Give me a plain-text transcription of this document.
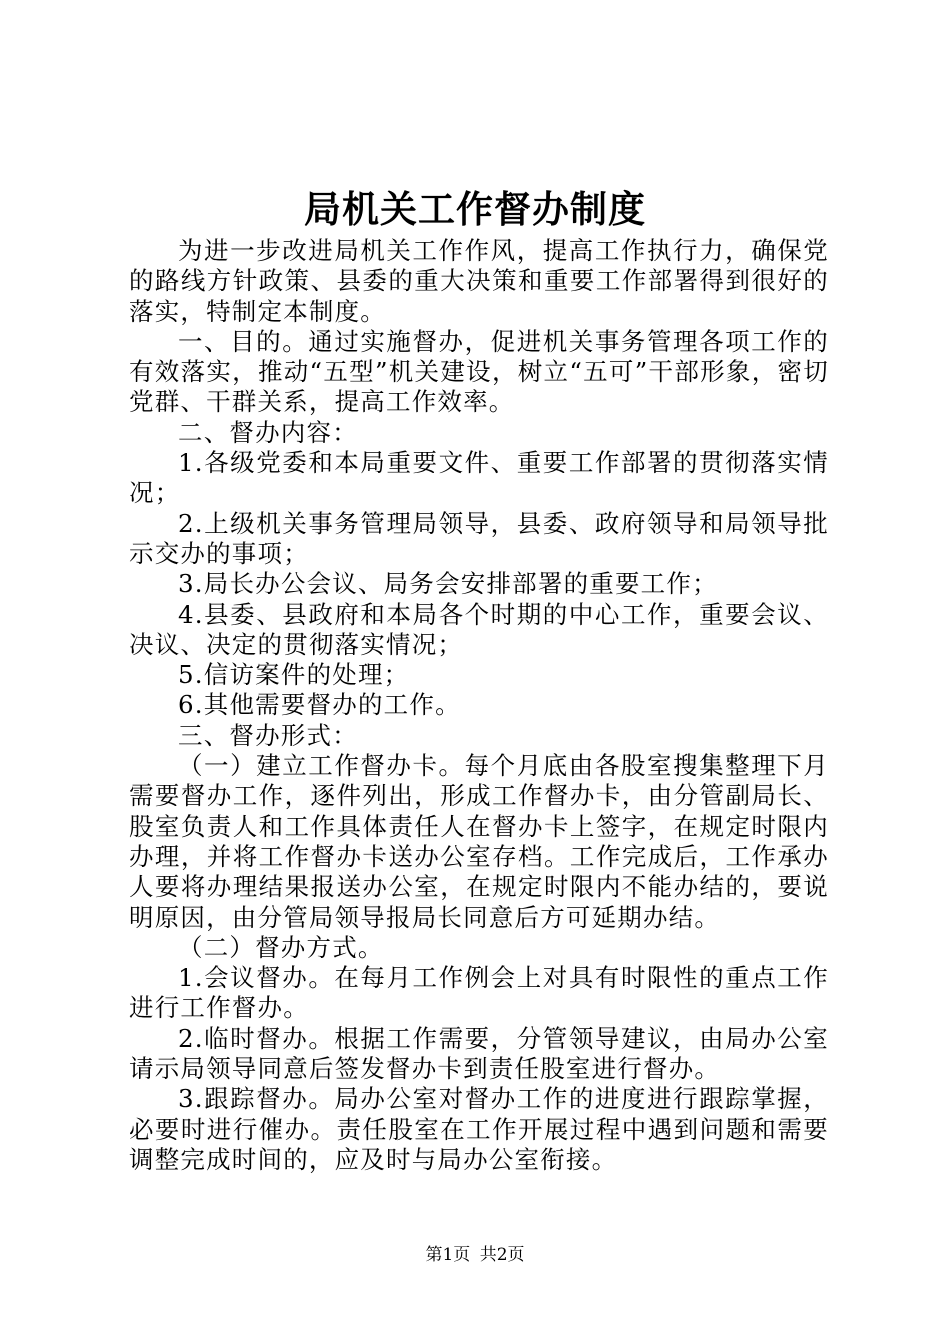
局机关工作督办制度

为进一步改进局机关工作作风，提高工作执行力，确保党的路线方针政策、县委的重大决策和重要工作部署得到很好的落实，特制定本制度。

一、目的。通过实施督办，促进机关事务管理各项工作的有效落实，推动“五型”机关建设，树立“五可”干部形象，密切党群、干群关系，提高工作效率。

二、督办内容：

1.各级党委和本局重要文件、重要工作部署的贯彻落实情况；

2.上级机关事务管理局领导，县委、政府领导和局领导批示交办的事项；

3.局长办公会议、局务会安排部署的重要工作；

4.县委、县政府和本局各个时期的中心工作，重要会议、决议、决定的贯彻落实情况；

5.信访案件的处理；

6.其他需要督办的工作。

三、督办形式：

（一）建立工作督办卡。每个月底由各股室搜集整理下月需要督办工作，逐件列出，形成工作督办卡，由分管副局长、股室负责人和工作具体责任人在督办卡上签字，在规定时限内办理，并将工作督办卡送办公室存档。工作完成后，工作承办人要将办理结果报送办公室，在规定时限内不能办结的，要说明原因，由分管局领导报局长同意后方可延期办结。

（二）督办方式。

1.会议督办。在每月工作例会上对具有时限性的重点工作进行工作督办。

2.临时督办。根据工作需要，分管领导建议，由局办公室请示局领导同意后签发督办卡到责任股室进行督办。

3.跟踪督办。局办公室对督办工作的进度进行跟踪掌握，必要时进行催办。责任股室在工作开展过程中遇到问题和需要调整完成时间的，应及时与局办公室衔接。

第1页 共2页
